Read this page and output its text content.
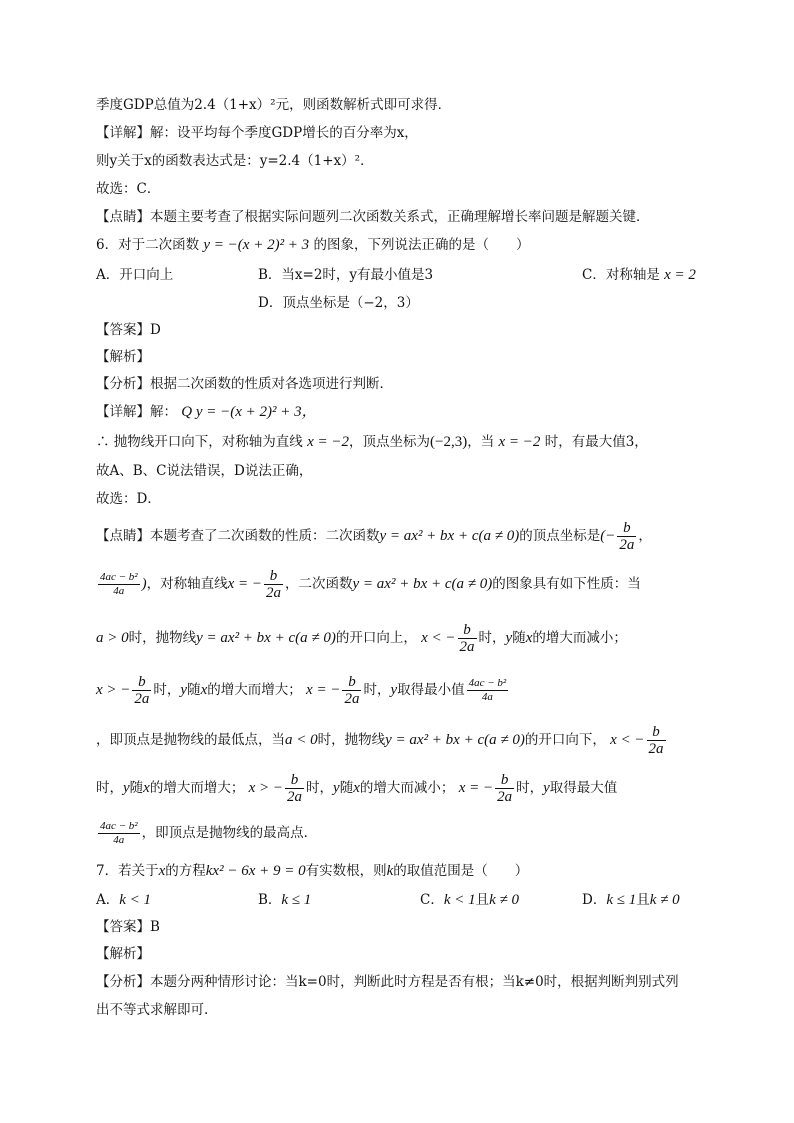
季度GDP总值为2.4（1+x）²元，则函数解析式即可求得．
【详解】解：设平均每个季度GDP增长的百分率为x，
则y关于x的函数表达式是：y=2.4（1+x）²．
故选：C．
【点睛】本题主要考查了根据实际问题列二次函数关系式，正确理解增长率问题是解题关键．
6．对于二次函数 y = −(x + 2)² + 3 的图象，下列说法正确的是（　　）
A．开口向上	B．当x=2时，y有最小值是3	C．对称轴是 x = 2
D．顶点坐标是（−2，3）
【答案】D
【解析】
【分析】根据二次函数的性质对各选项进行判断．
【详解】解： Q y = −(x + 2)² + 3，
∴ 抛物线开口向下，对称轴为直线 x = −2，顶点坐标为(−2,3)，当 x = −2 时，有最大值3，
故A、B、C说法错误，D说法正确，
故选：D．
【点睛】本题考查了二次函数的性质：二次函数y = ax² + bx + c(a ≠ 0)的顶点坐标是(− $\frac{b}{2a}$ ，
$\frac{\text{4ac − b²}}{4a}$ )，对称轴直线x = − $\frac{b}{2a}$ ，二次函数y = ax² + bx + c(a ≠ 0)的图象具有如下性质：当
a > 0时，抛物线y = ax² + bx + c(a ≠ 0)的开口向上， x < − $\frac{b}{2a}$ 时，y随x的增大而减小；
x > − $\frac{b}{2a}$ 时，y随x的增大而增大； x = − $\frac{b}{2a}$ 时，y取得最小值 $\frac{\text{4ac − b²}}{4a}$
，即顶点是抛物线的最低点，当a < 0时，抛物线y = ax² + bx + c(a ≠ 0)的开口向下， x < − $\frac{b}{2a}$
时，y随x的增大而增大； x > − $\frac{b}{2a}$ 时，y随x的增大而减小； x = − $\frac{b}{2a}$ 时，y取得最大值
$\frac{\text{4ac − b²}}{4a}$ ，即顶点是抛物线的最高点．
7．若关于x的方程kx² − 6x + 9 = 0有实数根，则k的取值范围是（　　）
A．k < 1	B．k ≤ 1	C．k < 1且k ≠ 0	D．k ≤ 1且k ≠ 0
【答案】B
【解析】
【分析】本题分两种情形讨论：当k=0时，判断此时方程是否有根；当k≠0时，根据判断判别式列
出不等式求解即可.
